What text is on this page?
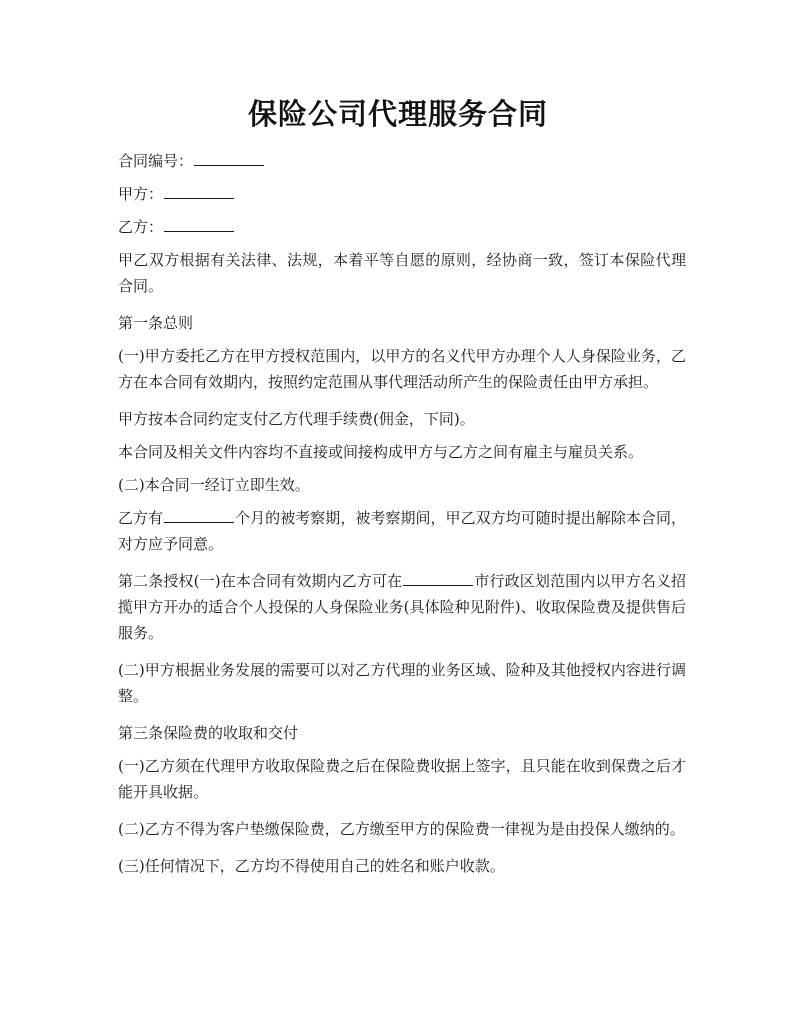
保险公司代理服务合同

合同编号：

甲方：

乙方：

甲乙双方根据有关法律、法规，本着平等自愿的原则，经协商一致，签订本保险代理合同。

第一条总则

(一)甲方委托乙方在甲方授权范围内，以甲方的名义代甲方办理个人人身保险业务，乙方在本合同有效期内，按照约定范围从事代理活动所产生的保险责任由甲方承担。

甲方按本合同约定支付乙方代理手续费(佣金，下同)。

本合同及相关文件内容均不直接或间接构成甲方与乙方之间有雇主与雇员关系。

(二)本合同一经订立即生效。

乙方有	个月的被考察期，被考察期间，甲乙双方均可随时提出解除本合同，对方应予同意。

第二条授权(一)在本合同有效期内乙方可在	市行政区划范围内以甲方名义招揽甲方开办的适合个人投保的人身保险业务(具体险种见附件)、收取保险费及提供售后服务。

(二)甲方根据业务发展的需要可以对乙方代理的业务区域、险种及其他授权内容进行调整。

第三条保险费的收取和交付

(一)乙方须在代理甲方收取保险费之后在保险费收据上签字，且只能在收到保费之后才能开具收据。

(二)乙方不得为客户垫缴保险费，乙方缴至甲方的保险费一律视为是由投保人缴纳的。

(三)任何情况下，乙方均不得使用自己的姓名和账户收款。
